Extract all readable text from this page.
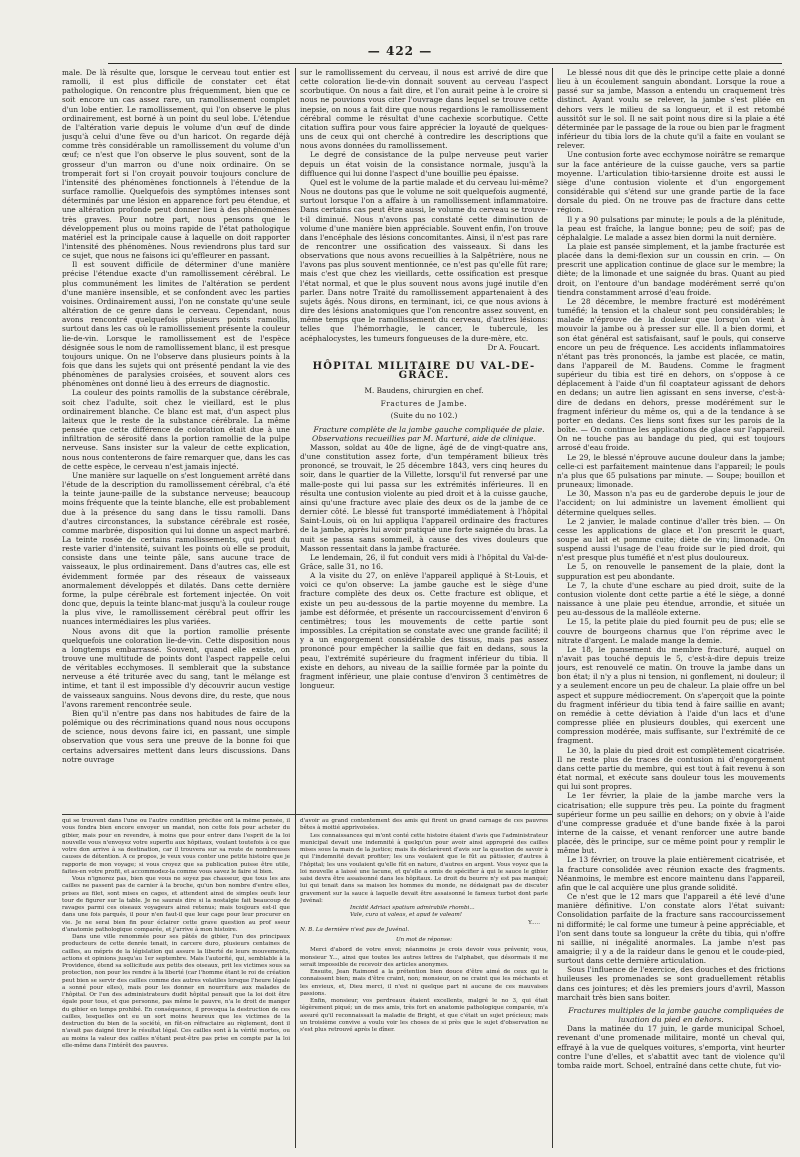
— 422 —

male. De là résulte que, lorsque le cerveau tout entier est ramolli, il est plus difficile de constater cet état pathologique. On rencontre plus fréquemment, bien que ce soit encore un cas assez rare, un ramollissement complet d'un lobe entier. Le ramollissement, qui l'on observe le plus ordinairement, est borné à un point du seul lobe. L'étendue de l'altération varie depuis le volume d'un œuf de dinde jusqu'à celui d'une fève ou d'un haricot. On regarde déjà comme très considérable un ramollissement du volume d'un œuf; ce n'est que l'on observe le plus souvent, sont de la grosseur d'un marron ou d'une noix ordinaire. On se tromperait fort si l'on croyait pouvoir toujours conclure de l'intensité des phénomènes fonctionnels à l'étendue de la surface ramollie. Quelquefois des symptômes intenses sont déterminés par une lésion en apparence fort peu étendue, et une altération profonde peut donner lieu à des phénomènes très graves. Pour notre part, nous pensons que le développement plus ou moins rapide de l'état pathologique matériel est la principale cause à laquelle on doit rapporter l'intensité des phénomènes. Nous reviendrons plus tard sur ce sujet, que nous ne faisons ici qu'effleurer en passant.

Il est souvent difficile de déterminer d'une manière précise l'étendue exacte d'un ramollissement cérébral. Le plus communément les limites de l'altération se perdent d'une manière insensible, et se confondent avec les parties voisines. Ordinairement aussi, l'on ne constate qu'une seule altération de ce genre dans le cerveau. Cependant, nous avons rencontré quelquefois plusieurs points ramollis, surtout dans les cas où le ramollissement présente la couleur lie-de-vin. Lorsque le ramollissement est de l'espèce désignée sous le nom de ramollissement blanc, il est presque toujours unique. On ne l'observe dans plusieurs points à la fois que dans les sujets qui ont présenté pendant la vie des phénomènes de paralysies croisées, et souvent alors ces phénomènes ont donné lieu à des erreurs de diagnostic.

La couleur des points ramollis de la substance cérébrale, soit chez l'adulte, soit chez le vieillard, est le plus ordinairement blanche. Ce blanc est mat, d'un aspect plus laiteux que le reste de la substance cérébrale. La même pensée que cette différence de coloration était due à une infiltration de sérosité dans la portion ramollie de la pulpe nerveuse. Sans insister sur la valeur de cette explication, nous nous contenterons de faire remarquer que, dans les cas de cette espèce, le cerveau n'est jamais injecté.

Une manière sur laquelle on s'est longuement arrêté dans l'étude de la description du ramollissement cérébral, c'a été la teinte jaune-paille de la substance nerveuse; beaucoup moins fréquente que la teinte blanche, elle est probablement due à la présence du sang dans le tissu ramolli. Dans d'autres circonstances, la substance cérébrale est rosée, comme marbrée, disposition qui lui donne un aspect marbré. La teinte rosée de certains ramollissements, qui peut du reste varier d'intensité, suivant les points où elle se produit, consiste dans une teinte pâle, sans aucune trace de vaisseaux, le plus ordinairement. Dans d'autres cas, elle est évidemment formée par des réseaux de vaisseaux anormalement développés et dilatés. Dans cette dernière forme, la pulpe cérébrale est fortement injectée. On voit donc que, depuis la teinte blanc-mat jusqu'à la couleur rouge la plus vive, le ramollissement cérébral peut offrir les nuances intermédiaires les plus variées.

Nous avons dit que la portion ramollie présente quelquefois une coloration lie-de-vin. Cette disposition nous a longtemps embarrassé. Souvent, quand elle existe, on trouve une multitude de points dont l'aspect rappelle celui de véritables ecchymoses. Il semblerait que la substance nerveuse a été triturée avec du sang, tant le mélange est intime, et tant il est impossible d'y découvrir aucun vestige de vaisseaux sanguins. Nous devons dire, du reste, que nous l'avons rarement rencontrée seule.

Bien qu'il n'entre pas dans nos habitudes de faire de la polémique ou des récriminations quand nous nous occupons de science, nous devons faire ici, en passant, une simple observation que vous sera une preuve de la bonne foi que certains adversaires mettent dans leurs discussions. Dans notre ouvrage

qui se trouvent dans l'une ou l'autre condition précitée ont la même pensée, il vous fondra bien encore envoyer un mandat, non cette fois pour acheter du gibier, mais pour en revendre, à moins que pour entrer dans l'esprit de la loi nouvelle vous n'envoyez votre superflu aux hôpitaux, voulant toutefois à ce que votre don arrive à sa destination, car il trouvera sur sa route de nombreuses causes de détention. A ce propos, je veux vous conter une petite histoire que je rapporte de mon voyage; si vous croyez que sa publication puisse être utile, faites-en votre profit, et accommodez-la comme vous savez le faire si bien.

Vous n'ignorez pas, bien que vous ne soyez pas chasseur, que tous les ans cailles ne passent pas de carnier à la broche, qu'un bon nombre d'entre elles, prises au filet, sont mises en cages, et attendent ainsi de simples oeufs leur tour de figurer sur la table. Je ne saurais dire si la nostalgie fait beaucoup de ravages parmi ces oiseaux voyageurs ainsi retenus; mais toujours est-il que dans une fois parqués, il pour n'en faut-il que leur cage pour leur procurer en vie. Je ne serai bien fin pour éclairer cette grave question au prof sseur d'anatomie pathologique comparée, et j'arrive à mon histoire.

Dans une ville renommée pour ses pâtés de gibier, l'un des principaux producteurs de cette denrée tenait, in carcere duro, plusieurs centaines de cailles, au mépris de la législation qui assure la liberté de leurs mouvements, actions et opinions jusqu'au 1er septembre. Mais l'autorité, qui, semblable à la Providence, étend sa sollicitude aux petits des oiseaux, prit les victimes sous sa protection, non pour les rendre à la liberté (car l'homme étant le roi de création peut bien se servir des cailles comme des autres volatiles lorsque l'heure légale a sonné pour elles), mais pour les donner en nourriture aux malades de l'hôpital. Or l'un des administrateurs dudit hôpital pensait que la loi doit être égale pour tous, et que personne, pas même le pauvre, n'a le droit de manger du gibier en temps prohibé. En conséquence, il provoqua la destruction de ces cailles, lesquelles ont eu un sort moins heureux que les victimes de la destruction du bien de la société, en fût-on réfractaire au règlement, dont il n'avait pas daigné tirer le résultat légal. Ces cailles sont à la vérité mortes, ou au moins la valeur des cailles n'étant peut-être pas prise en compte par la loi elle-même dans l'intérêt des pauvres.

sur le ramollissement du cerveau, il nous est arrivé de dire que cette coloration lie-de-vin donnait souvent au cerveau l'aspect scorbutique. On nous a fait dire, et l'on aurait peine à le croire si nous ne pouvions vous citer l'ouvrage dans lequel se trouve cette inepsie, on nous a fait dire que nous regardions le ramollissement cérébral comme le résultat d'une cachexie scorbutique. Cette citation suffira pour vous faire apprécier la loyauté de quelques-uns de ceux qui ont cherché à contredire les descriptions que nous avons données du ramollissement.

Le degré de consistance de la pulpe nerveuse peut varier depuis un état voisin de la consistance normale, jusqu'à la diffluence qui lui donne l'aspect d'une bouillie peu épaisse.

Quel est le volume de la partie malade et du cerveau lui-même? Nous ne doutons pas que le volume ne soit quelquefois augmenté, surtout lorsque l'on a affaire à un ramollissement inflammatoire. Dans certains cas peut être aussi, le volume du cerveau se trouve-t-il diminué. Nous n'avons pas constaté cette diminution de volume d'une manière bien appréciable. Souvent enfin, l'on trouve dans l'encéphale des lésions concomitantes. Ainsi, il n'est pas rare de rencontrer une ossification des vaisseaux. Si dans les observations que nous avons recueillies à la Salpêtrière, nous ne l'avons pas plus souvent mentionnée, ce n'est pas qu'elle fût rare; mais c'est que chez les vieillards, cette ossification est presque l'état normal, et que le plus souvent nous avons jugé inutile d'en parler. Dans notre Traité du ramollissement appartenaient à des sujets âgés. Nous dirons, en terminant, ici, ce que nous avions à dire des lésions anatomiques que l'on rencontre assez souvent, en même temps que le ramollissement du cerveau, d'autres lésions: telles que l'hémorrhagie, le cancer, le tubercule, les acéphalocystes, les tumeurs fongueuses de la dure-mère, etc.

Dr A. Foucart.

HÔPITAL MILITAIRE DU VAL-DE-GRÂCE.

M. Baudens, chirurgien en chef.

Fractures de Jambe.

(Suite du no 102.)

Fracture complète de la jambe gauche compliquée de plaie. Observations recueillies par M. Marturé, aide de clinique.

Masson, soldat au 40e de ligne, âgé de de vingt-quatre ans, d'une constitution assez forte, d'un tempérament bilieux très prononcé, se trouvait, le 25 décembre 1843, vers cinq heures du soir, dans le quartier de la Villette, lorsqu'il fut renversé par une malle-poste qui lui passa sur les extrémités inférieures. Il en résulta une contusion violente au pied droit et à la cuisse gauche, ainsi qu'une fracture avec plaie des deux os de la jambe de ce dernier côté. Le blessé fut transporté immédiatement à l'hôpital Saint-Louis, où on lui appliqua l'appareil ordinaire des fractures de la jambe, après lui avoir pratiqué une forte saignée du bras. La nuit se passa sans sommeil, à cause des vives douleurs que Masson ressentait dans la jambe fracturée.

Le lendemain, 26, il fut conduit vers midi à l'hôpital du Val-de-Grâce, salle 31, no 16.

A la visite du 27, on enlève l'appareil appliqué à St-Louis, et voici ce qu'on observe: La jambe gauche est le siège d'une fracture complète des deux os. Cette fracture est oblique, et existe un peu au-dessous de la partie moyenne du membre. La jambe est déformée, et présente un raccourcissement d'environ 6 centimètres; tous les mouvements de cette partie sont impossibles. La crépitation se constate avec une grande facilité; il y a un engorgement considérable des tissus, mais pas assez prononcé pour empêcher la saillie que fait en dedans, sous la peau, l'extrémité supérieure du fragment inférieur du tibia. Il existe en dehors, au niveau de la saillie formée par la pointe du fragment inférieur, une plaie contuse d'environ 3 centimètres de longueur.

d'avoir au grand contentement des amis qui firent un grand carnage de ces pauvres bêtes à moitié apprivoisées.

Les connaissances qui m'ont conté cette histoire étaient d'avis que l'administrateur municipal devait une indemnité à quelqu'un pour avoir ainsi approprié des cailles mises sous la main de la justice; mais ils déclarèrent d'avis sur la question de savoir à qui l'indemnité devait profiter; les uns voulaient que le fût au pâtissier, d'autres à l'hôpital; les uns voulaient qu'elle fût en nature, d'autres en argent. Vous voyez que la loi nouvelle a laissé une lacune, et qu'elle a omis de spécifier à qui le sauce le gibier saisi devra être assaisonné dans les hôpitaux. Le droit du beurre n'y est pas manqué; lui qui tenait dans sa maison les hommes du monde, ne dédaignait pas de discuter gravement sur la sauce à laquelle devait être assaisonné le fameux turbot dont parle Juvénal:

Incidit Adriaci spatium admirabile rhombi...

Vale, cura ut valeas, et apud te valeam!

Y.....

N. B. La dernière n'est pas de Juvénal.

Un mot de réponse:

Merci d'abord de votre envoi; néanmoins je crois devoir vous prévenir, vous, monsieur Y..., ainsi que toutes les autres lettres de l'alphabet, que désormais il me serait impossible de recevoir des articles anonymes.

Ensuite, Jean Raimond a la prétention bien douce d'être aimé de ceux qui le connaissent bien; mais d'être craint, non; monsieur, on ne craint que les méchants et les envieux, et, Dieu merci, il n'est ni quelque part ni aucune de ces mauvaises passions.

Enfin, monsieur, vos perdreaux étaient excellents, malgré le no 3, qui était légèrement piqué; un de mes amis, très fort en anatomie pathologique comparée, m'a assuré qu'il reconnaissait la maladie de Bright, et que c'était un sujet précieux; mais un troisième convive a voulu voir les choses de si près que le sujet d'observation ne s'est plus retrouvé après le dîner.

Le blessé nous dit que dès le principe cette plaie a donné lieu à un écoulement sanguin abondant. Lorsque la roue a passé sur sa jambe, Masson a entendu un craquement très distinct. Ayant voulu se relever, la jambe s'est pliée en dehors vers le milieu de sa longueur, et il est retombé aussitôt sur le sol. Il ne sait point nous dire si la plaie a été déterminée par le passage de la roue ou bien par le fragment inférieur du tibia lors de la chute qu'il a faite en voulant se relever.

Une contusion forte avec ecchymose noirâtre se remarque sur la face antérieure de la cuisse gauche, vers sa partie moyenne. L'articulation tibio-tarsienne droite est aussi le siège d'une contusion violente et d'un engorgement considérable qui s'étend sur une grande partie de la face dorsale du pied. On ne trouve pas de fracture dans cette région.

Il y a 90 pulsations par minute; le pouls a de la plénitude, la peau est fraîche, la langue bonne; peu de soif; pas de céphalalgie. Le malade a assez bien dormi la nuit dernière.

La plaie est pansée simplement, et la jambe fracturée est placée dans la demi-flexion sur un coussin en crin. — On prescrit une application continue de glace sur le membre; la diète; de la limonade et une saignée du bras. Quant au pied droit, on l'entoure d'un bandage modérément serré qu'on tiendra constamment arrosé d'eau froide.

Le 28 décembre, le membre fracturé est modérément tuméfié; la tension et la chaleur sont peu considérables; le malade n'éprouve de la douleur que lorsqu'on vient à mouvoir la jambe ou à presser sur elle. Il a bien dormi, et son état général est satisfaisant, sauf le pouls, qui conserve encore un peu de fréquence. Les accidents inflammatoires n'étant pas très prononcés, la jambe est placée, ce matin, dans l'appareil de M. Baudens. Comme le fragment supérieur du tibia est tiré en dehors, on s'oppose à ce déplacement à l'aide d'un fil coaptateur agissant de dehors en dedans; un autre lien agissant en sens inverse, c'est-à-dire de dedans en dehors, presse modérément sur le fragment inférieur du même os, qui a de la tendance à se porter en dedans. Ces liens sont fixes sur les parois de la boîte. — On continue les applications de glace sur l'appareil. On ne touche pas au bandage du pied, qui est toujours arrosé d'eau froide.

Le 29, le blessé n'éprouve aucune douleur dans la jambe; celle-ci est parfaitement maintenue dans l'appareil; le pouls n'a plus que 65 pulsations par minute. — Soupe; bouillon et pruneaux; limonade.

Le 30, Masson n'a pas eu de garderobe depuis le jour de l'accident; on lui administre un lavement émollient qui détermine quelques selles.

Le 2 janvier, le malade continue d'aller très bien. — On cesse les applications de glace et l'on prescrit le quart, soupe au lait et pomme cuite; diète de vin; limonade. On suspend aussi l'usage de l'eau froide sur le pied droit, qui n'est presque plus tuméfié et n'est plus douloureux.

Le 5, on renouvelle le pansement de la plaie, dont la suppuration est peu abondante.

Le 7, la chute d'une eschare au pied droit, suite de la contusion violente dont cette partie a été le siège, a donné naissance à une plaie peu étendue, arrondie, et située un peu au-dessous de la malléole externe.

Le 15, la petite plaie du pied fournit peu de pus; elle se couvre de bourgeons charnus que l'on réprime avec le nitrate d'argent. Le malade mange la demie.

Le 18, le pansement du membre fracturé, auquel on n'avait pas touché depuis le 5, c'est-à-dire depuis treize jours, est renouvelé ce matin. On trouve la jambe dans un bon état; il n'y a plus ni tension, ni gonflement, ni douleur; il y a seulement encore un peu de chaleur. La plaie offre un bel aspect et suppure médiocrement. On s'aperçoit que la pointe du fragment inférieur du tibia tend à faire saillie en avant; on remédie à cette déviation à l'aide d'un lacs et d'une compresse pliée en plusieurs doubles, qui exercent une compression modérée, mais suffisante, sur l'extrémité de ce fragment.

Le 30, la plaie du pied droit est complètement cicatrisée. Il ne reste plus de traces de contusion ni d'engorgement dans cette partie du membre, qui est tout à fait revenu à son état normal, et exécute sans douleur tous les mouvements qui lui sont propres.

Le 1er février, la plaie de la jambe marche vers la cicatrisation; elle suppure très peu. La pointe du fragment supérieur forme un peu saillie en dehors; on y obvie à l'aide d'une compresse graduée et d'une bande fixée à la paroi interne de la caisse, et venant renforcer une autre bande placée, dès le principe, sur ce même point pour y remplir le même but.

Le 13 février, on trouve la plaie entièrement cicatrisée, et la fracture consolidée avec réunion exacte des fragments. Néanmoins, le membre est encore maintenu dans l'appareil, afin que le cal acquière une plus grande solidité.

Ce n'est que le 12 mars que l'appareil a été levé d'une manière définitive. L'on constate alors l'état suivant: Consolidation parfaite de la fracture sans raccourcissement ni difformité; le cal forme une tumeur à peine appréciable, et l'on sent dans toute sa longueur la crête du tibia, qui n'offre ni saillie, ni inégalité anormales. La jambe n'est pas amaigrie; il y a de la raideur dans le genou et le coude-pied, surtout dans cette dernière articulation.

Sous l'influence de l'exercice, des douches et des frictions huileuses les promenades se sont graduellement rétablis dans ces jointures; et dès les premiers jours d'avril, Masson marchait très bien sans boiter.

Fractures multiples de la jambe gauche compliquées de luxation du pied en dehors.

Dans la matinée du 17 juin, le garde municipal Schoel, revenant d'une promenade militaire, monté un cheval qui, effrayé à la vue de quelques voitures, s'emporta, vint heurter contre l'une d'elles, et s'abattit avec tant de violence qu'il tomba raide mort. Schoel, entraîné dans cette chute, fut vio-
